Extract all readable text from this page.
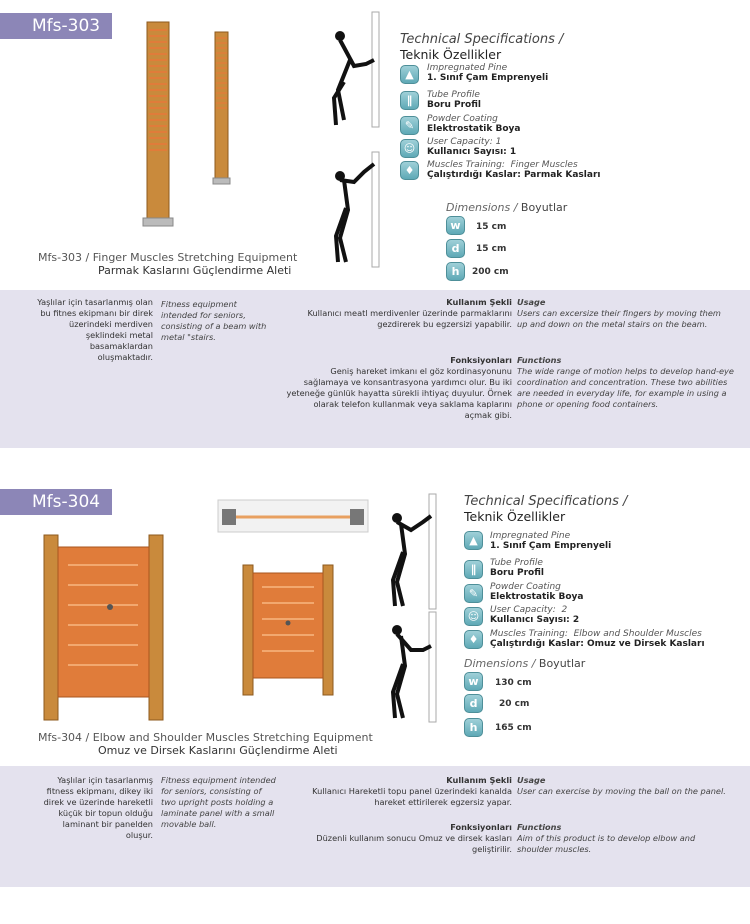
Mfs-303
Technical Specifications /
Teknik Özellikler
▲	Impregnated Pine
1. Sınıf Çam Emprenyeli
∥	Tube Profile
Boru Profil
✎	Powder Coating
Elektrostatik Boya
☺	User Capacity: 1
Kullanıcı Sayısı: 1
♦	Muscles Training: Finger Muscles
Çalıştırdığı Kaslar: Parmak Kasları
Dimensions / Boyutlar
w	15 cm
d	15 cm
h	200 cm
Mfs-303 / Finger Muscles Stretching Equipment
Parmak Kaslarını Güçlendirme Aleti
Yaşlılar için tasarlanmış olan bu fitnes ekipmanı bir direk üzerindeki merdiven şeklindeki metal basamaklardan oluşmaktadır.
Fitness equipment intended for seniors, consisting of a beam with metal "stairs.
Kullanım Şekli
Kullanıcı meatl merdivenler üzerinde parmaklarını gezdirerek bu egzersizi yapabilir.
Usage
Users can excersize their fingers by moving them up and down on the metal stairs on the beam.
Fonksiyonları
Geniş hareket imkanı el göz kordinasyonunu sağlamaya ve konsantrasyona yardımcı olur. Bu iki yeteneğe günlük hayatta sürekli ihtiyaç duyulur. Örnek olarak telefon kullanmak veya saklama kaplarını açmak gibi.
Functions
The wide range of motion helps to develop hand-eye coordination and concentration. These two abilities are needed in everyday life, for example in using a phone or opening food containers.
Mfs-304	Technical Specifications /
Teknik Özellikler
▲	Impregnated Pine
1. Sınıf Çam Emprenyeli
∥	Tube Profile
Boru Profil
✎	Powder Coating
Elektrostatik Boya
☺	User Capacity: 2
Kullanıcı Sayısı: 2
♦	Muscles Training: Elbow and Shoulder Muscles
Çalıştırdığı Kaslar: Omuz ve Dirsek Kasları
Dimensions / Boyutlar
w	130 cm
d	20 cm
h	165 cm
Mfs-304 / Elbow and Shoulder Muscles Stretching Equipment
Omuz ve Dirsek Kaslarını Güçlendirme Aleti
Yaşlılar için tasarlanmış fitness ekipmanı, dikey iki direk ve üzerinde hareketli küçük bir topun olduğu laminant bir panelden oluşur.
Fitness equipment intended for seniors, consisting of two upright posts holding a laminate panel with a small movable ball.
Kullanım Şekli
Kullanıcı Hareketli topu panel üzerindeki kanalda hareket ettirilerek egzersiz yapar.
Usage
User can exercise by moving the ball on the panel.
Fonksiyonları
Düzenli kullanım sonucu Omuz ve dirsek kasları geliştirilir.
Functions
Aim of this product is to develop elbow and shoulder muscles.
